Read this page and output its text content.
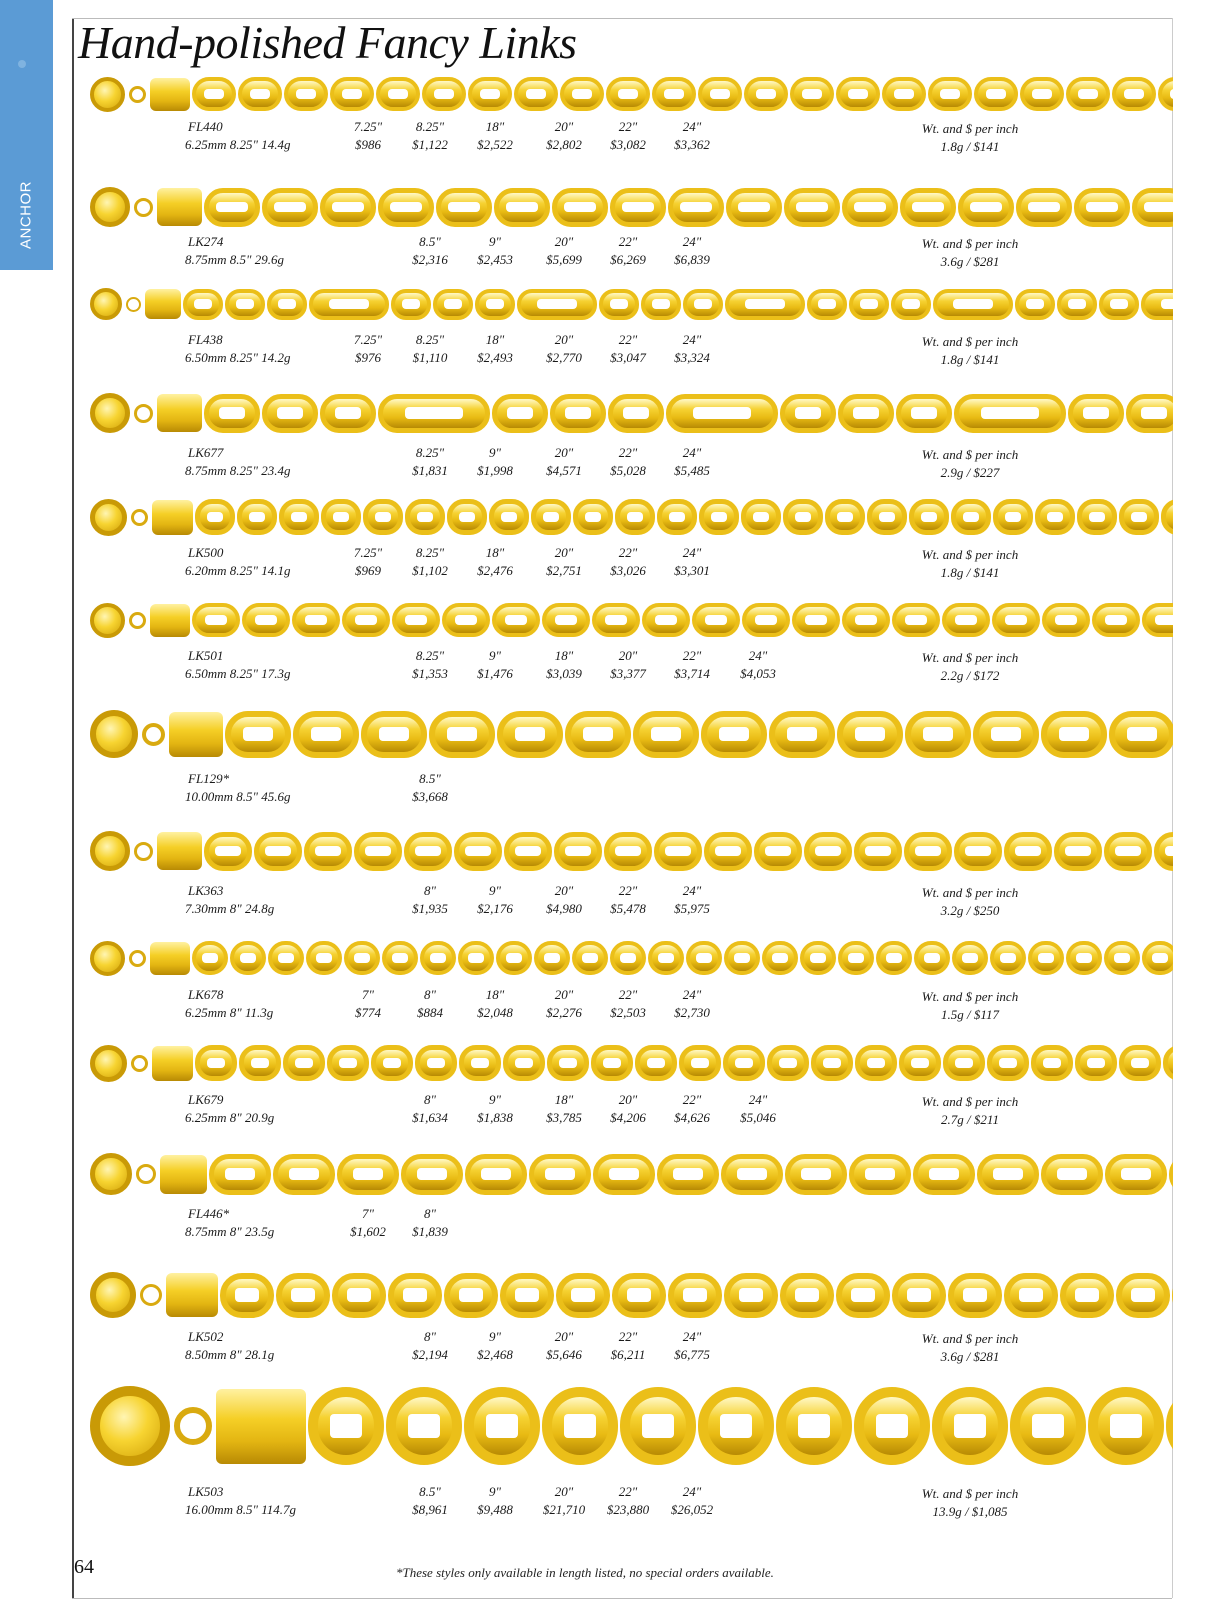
ANCHOR
Hand-polished Fancy Links
FL440
6.25mm 8.25" 14.4g
7.25"
$986
8.25"
$1,122
18"
$2,522
20"
$2,802
22"
$3,082
24"
$3,362
Wt. and $ per inch
1.8g / $141
LK274
8.75mm 8.5" 29.6g
8.5"
$2,316
9"
$2,453
20"
$5,699
22"
$6,269
24"
$6,839
Wt. and $ per inch
3.6g / $281
FL438
6.50mm 8.25" 14.2g
7.25"
$976
8.25"
$1,110
18"
$2,493
20"
$2,770
22"
$3,047
24"
$3,324
Wt. and $ per inch
1.8g / $141
LK677
8.75mm 8.25" 23.4g
8.25"
$1,831
9"
$1,998
20"
$4,571
22"
$5,028
24"
$5,485
Wt. and $ per inch
2.9g / $227
LK500
6.20mm 8.25" 14.1g
7.25"
$969
8.25"
$1,102
18"
$2,476
20"
$2,751
22"
$3,026
24"
$3,301
Wt. and $ per inch
1.8g / $141
LK501
6.50mm 8.25" 17.3g
8.25"
$1,353
9"
$1,476
18"
$3,039
20"
$3,377
22"
$3,714
24"
$4,053
Wt. and $ per inch
2.2g / $172
FL129*
10.00mm 8.5" 45.6g
8.5"
$3,668
LK363
7.30mm 8" 24.8g
8"
$1,935
9"
$2,176
20"
$4,980
22"
$5,478
24"
$5,975
Wt. and $ per inch
3.2g / $250
LK678
6.25mm 8" 11.3g
7"
$774
8"
$884
18"
$2,048
20"
$2,276
22"
$2,503
24"
$2,730
Wt. and $ per inch
1.5g / $117
LK679
6.25mm 8" 20.9g
8"
$1,634
9"
$1,838
18"
$3,785
20"
$4,206
22"
$4,626
24"
$5,046
Wt. and $ per inch
2.7g / $211
FL446*
8.75mm 8" 23.5g
7"
$1,602
8"
$1,839
LK502
8.50mm 8" 28.1g
8"
$2,194
9"
$2,468
20"
$5,646
22"
$6,211
24"
$6,775
Wt. and $ per inch
3.6g / $281
LK503
16.00mm 8.5" 114.7g
8.5"
$8,961
9"
$9,488
20"
$21,710
22"
$23,880
24"
$26,052
Wt. and $ per inch
13.9g / $1,085
64	*These styles only available in length listed, no special orders available.
